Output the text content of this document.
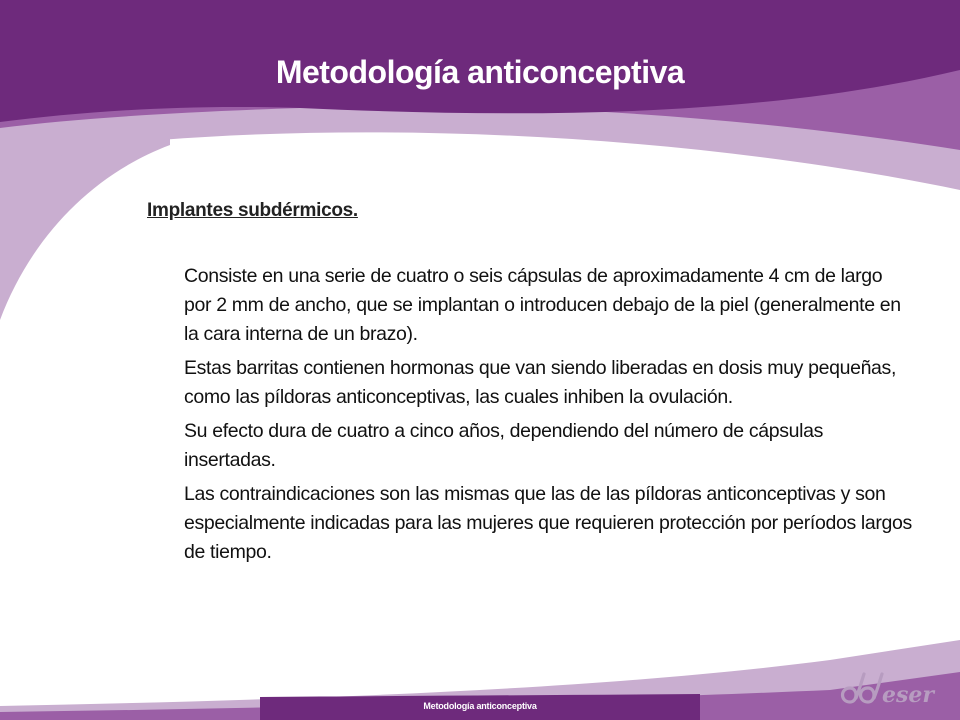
Metodología anticonceptiva
Implantes subdérmicos.
Consiste en una serie de cuatro o seis cápsulas de aproximadamente 4 cm de largo por 2 mm de ancho, que se implantan o introducen debajo de la piel (generalmente en la cara interna de un brazo).
Estas barritas contienen hormonas que van siendo liberadas en dosis muy pequeñas, como las píldoras anticonceptivas, las cuales inhiben la ovulación.
Su efecto dura de cuatro a cinco años, dependiendo del número de cápsulas insertadas.
Las contraindicaciones son las mismas que las de las píldoras anticonceptivas y son especialmente indicadas para las mujeres que requieren protección por períodos largos de tiempo.
Metodología anticonceptiva	eser
